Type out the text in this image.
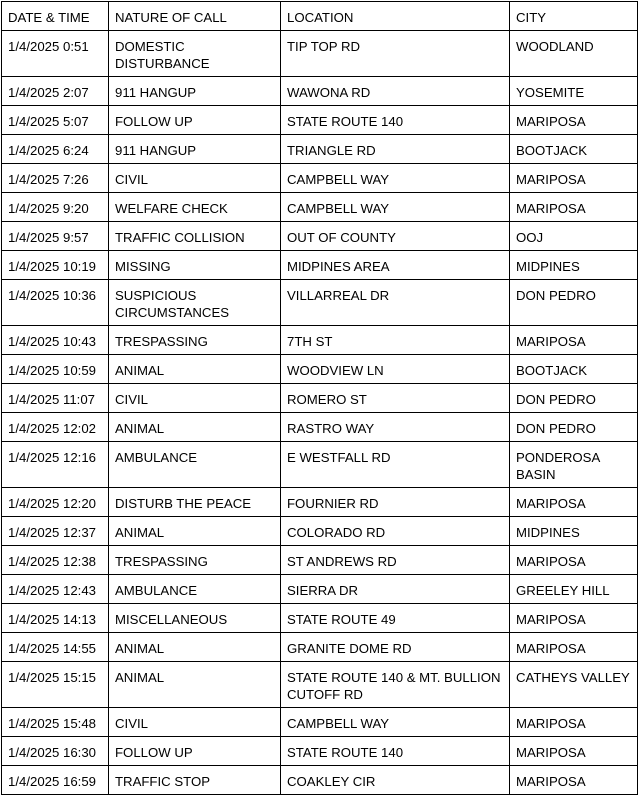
DATE & TIME	NATURE OF CALL	LOCATION	CITY
1/4/2025 0:51	DOMESTIC DISTURBANCE	TIP TOP RD	WOODLAND
1/4/2025 2:07	911 HANGUP	WAWONA RD	YOSEMITE
1/4/2025 5:07	FOLLOW UP	STATE ROUTE 140	MARIPOSA
1/4/2025 6:24	911 HANGUP	TRIANGLE RD	BOOTJACK
1/4/2025 7:26	CIVIL	CAMPBELL WAY	MARIPOSA
1/4/2025 9:20	WELFARE CHECK	CAMPBELL WAY	MARIPOSA
1/4/2025 9:57	TRAFFIC COLLISION	OUT OF COUNTY	OOJ
1/4/2025 10:19	MISSING	MIDPINES AREA	MIDPINES
1/4/2025 10:36	SUSPICIOUS CIRCUMSTANCES	VILLARREAL DR	DON PEDRO
1/4/2025 10:43	TRESPASSING	7TH ST	MARIPOSA
1/4/2025 10:59	ANIMAL	WOODVIEW LN	BOOTJACK
1/4/2025 11:07	CIVIL	ROMERO ST	DON PEDRO
1/4/2025 12:02	ANIMAL	RASTRO WAY	DON PEDRO
1/4/2025 12:16	AMBULANCE	E WESTFALL RD	PONDEROSA BASIN
1/4/2025 12:20	DISTURB THE PEACE	FOURNIER RD	MARIPOSA
1/4/2025 12:37	ANIMAL	COLORADO RD	MIDPINES
1/4/2025 12:38	TRESPASSING	ST ANDREWS RD	MARIPOSA
1/4/2025 12:43	AMBULANCE	SIERRA DR	GREELEY HILL
1/4/2025 14:13	MISCELLANEOUS	STATE ROUTE 49	MARIPOSA
1/4/2025 14:55	ANIMAL	GRANITE DOME RD	MARIPOSA
1/4/2025 15:15	ANIMAL	STATE ROUTE 140 & MT. BULLION CUTOFF RD	CATHEYS VALLEY
1/4/2025 15:48	CIVIL	CAMPBELL WAY	MARIPOSA
1/4/2025 16:30	FOLLOW UP	STATE ROUTE 140	MARIPOSA
1/4/2025 16:59	TRAFFIC STOP	COAKLEY CIR	MARIPOSA
